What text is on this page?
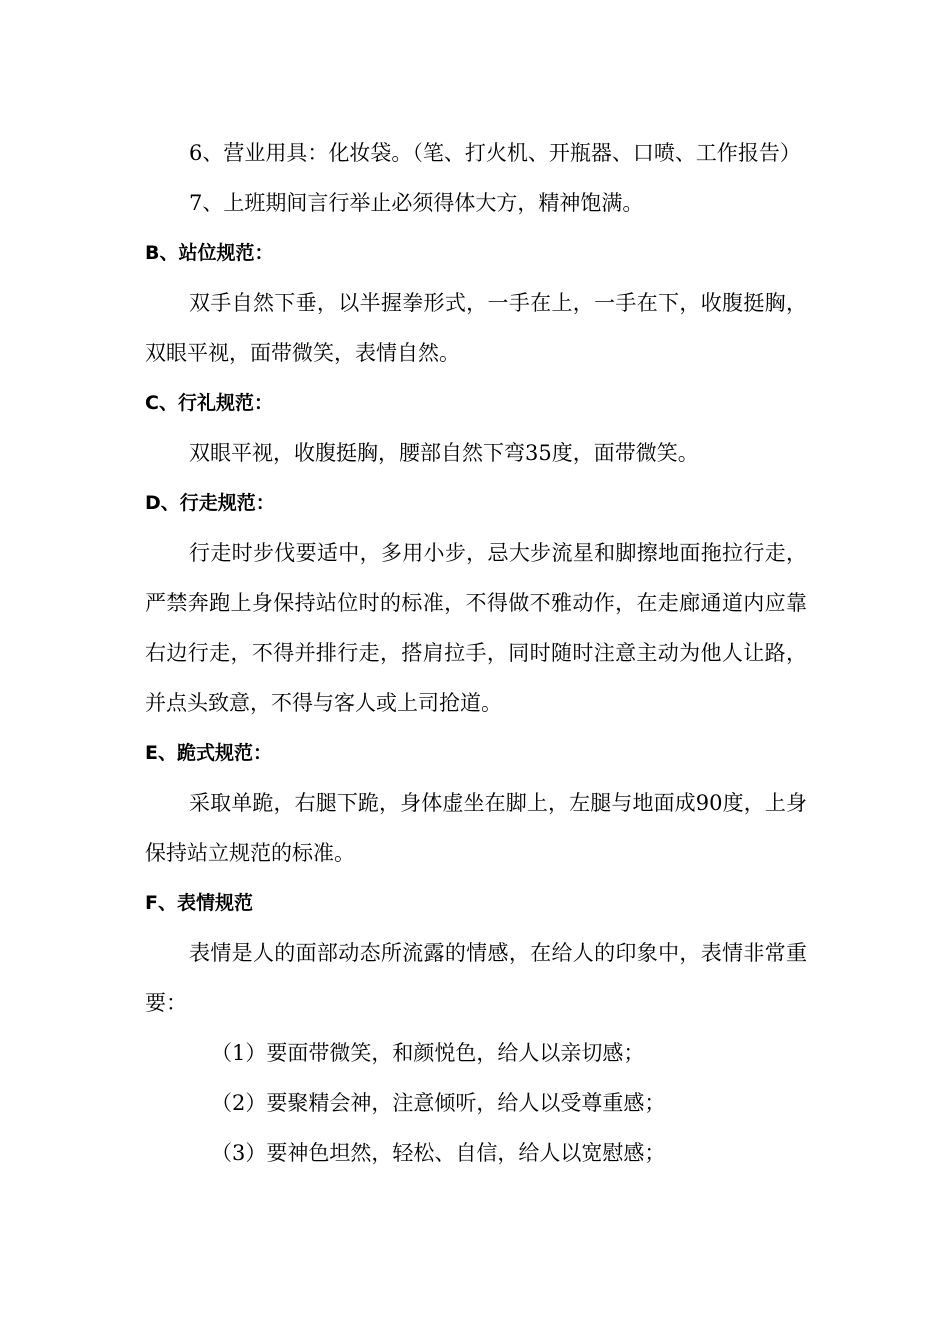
6、营业用具：化妆袋。（笔、打火机、开瓶器、口喷、工作报告）

7、上班期间言行举止必须得体大方，精神饱满。

B、站位规范：

双手自然下垂，以半握拳形式，一手在上，一手在下，收腹挺胸，双眼平视，面带微笑，表情自然。

C、行礼规范：

双眼平视，收腹挺胸，腰部自然下弯35度，面带微笑。

D、行走规范：

行走时步伐要适中，多用小步，忌大步流星和脚擦地面拖拉行走，严禁奔跑上身保持站位时的标准，不得做不雅动作，在走廊通道内应靠右边行走，不得并排行走，搭肩拉手，同时随时注意主动为他人让路，并点头致意，不得与客人或上司抢道。

E、跪式规范：

采取单跪，右腿下跪，身体虚坐在脚上，左腿与地面成90度，上身保持站立规范的标准。

F、表情规范

表情是人的面部动态所流露的情感，在给人的印象中，表情非常重要：

（1）要面带微笑，和颜悦色，给人以亲切感；

（2）要聚精会神，注意倾听，给人以受尊重感；

（3）要神色坦然，轻松、自信，给人以宽慰感；
